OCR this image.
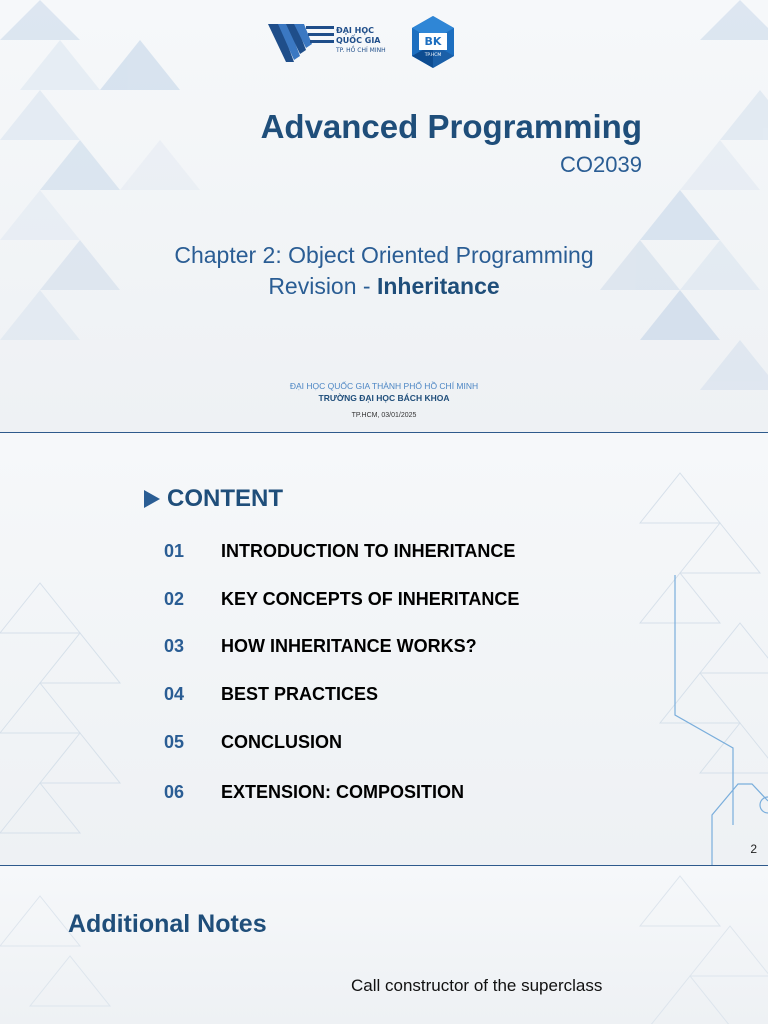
ĐẠI HỌC
QUỐC GIA
TP. HỒ CHÍ MINH
BK
TP.HCM
Advanced Programming
CO2039
Chapter 2: Object Oriented Programming
Revision - Inheritance
ĐẠI HỌC QUỐC GIA THÀNH PHỐ HỒ CHÍ MINH
TRƯỜNG ĐẠI HỌC BÁCH KHOA
TP.HCM, 03/01/2025
CONTENT
01	INTRODUCTION TO INHERITANCE
02	KEY CONCEPTS OF INHERITANCE
03	HOW INHERITANCE WORKS?
04	BEST PRACTICES
05	CONCLUSION
06	EXTENSION: COMPOSITION
2
Additional Notes
Call constructor of the superclass
